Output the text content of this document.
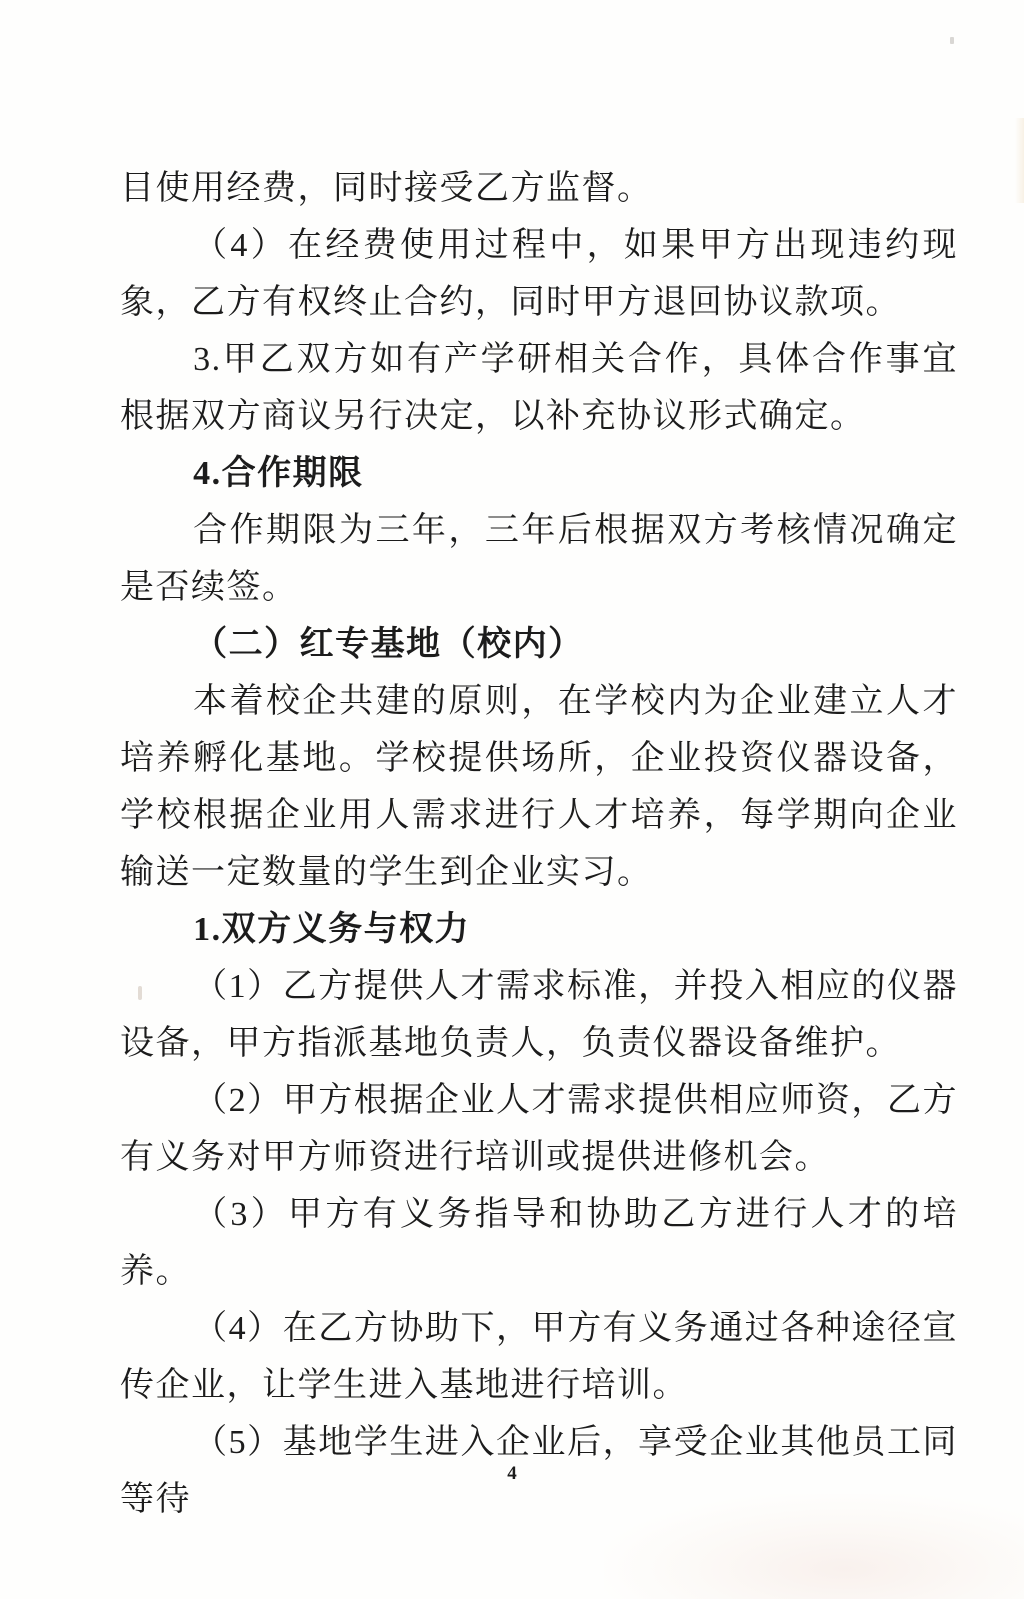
目使用经费，同时接受乙方监督。

（4）在经费使用过程中，如果甲方出现违约现象，乙方有权终止合约，同时甲方退回协议款项。

3.甲乙双方如有产学研相关合作，具体合作事宜根据双方商议另行决定，以补充协议形式确定。

4.合作期限

合作期限为三年，三年后根据双方考核情况确定是否续签。

（二）红专基地（校内）

本着校企共建的原则，在学校内为企业建立人才培养孵化基地。学校提供场所，企业投资仪器设备，学校根据企业用人需求进行人才培养，每学期向企业输送一定数量的学生到企业实习。

1.双方义务与权力

（1）乙方提供人才需求标准，并投入相应的仪器设备，甲方指派基地负责人，负责仪器设备维护。

（2）甲方根据企业人才需求提供相应师资，乙方有义务对甲方师资进行培训或提供进修机会。

（3）甲方有义务指导和协助乙方进行人才的培养。

（4）在乙方协助下，甲方有义务通过各种途径宣传企业，让学生进入基地进行培训。

（5）基地学生进入企业后，享受企业其他员工同等待

4
